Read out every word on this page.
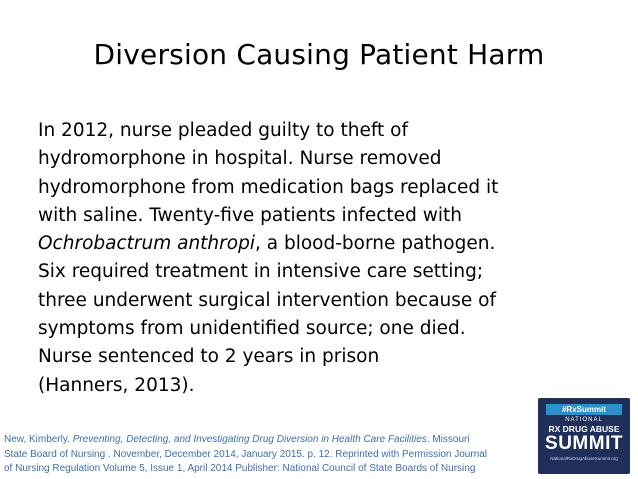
Diversion Causing Patient Harm
In 2012, nurse pleaded guilty to theft of
hydromorphone in hospital. Nurse removed
hydromorphone from medication bags replaced it
with saline. Twenty-five patients infected with
Ochrobactrum anthropi, a blood-borne pathogen.
Six required treatment in intensive care setting;
three underwent surgical intervention because of
symptoms from unidentified source; one died.
Nurse sentenced to 2 years in prison
(Hanners, 2013).
New, Kimberly. Preventing, Detecting, and Investigating Drug Diversion in Health Care Facilities. Missouri
State Board of Nursing . November, December 2014, January 2015. p. 12. Reprinted with Permission Journal
of Nursing Regulation Volume 5, Issue 1, April 2014 Publisher: National Council of State Boards of Nursing
#RxSummit
NATIONAL
RX DRUG ABUSE
SUMMIT
NationalRxDrugAbuseSummit.org
